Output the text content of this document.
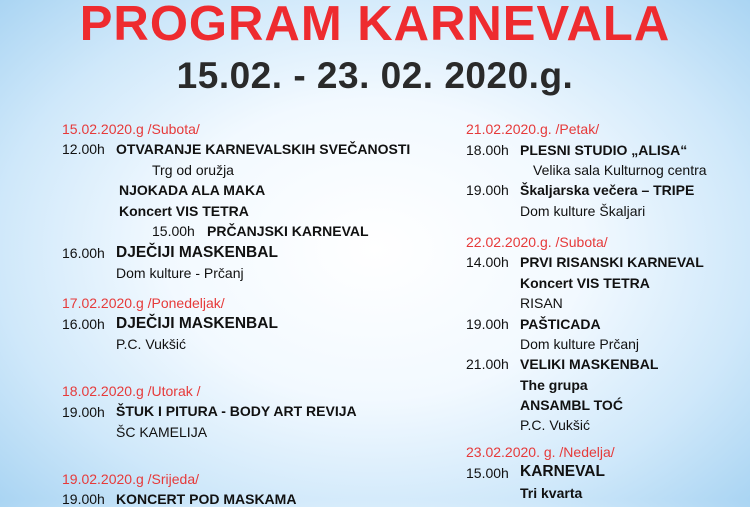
PROGRAM KARNEVALA
15.02. - 23. 02. 2020.g.
15.02.2020.g /Subota/
12.00h OTVARANJE KARNEVALSKIH SVEČANOSTI
Trg od oružja
NJOKADA ALA MAKA
Koncert VIS TETRA
15.00h PRČANJSKI KARNEVAL
16.00h DJEČIJI MASKENBAL
Dom kulture - Prčanj
17.02.2020.g /Ponedeljak/
16.00h DJEČIJI MASKENBAL
P.C. Vukšić
18.02.2020.g /Utorak /
19.00h ŠTUK I PITURA - BODY ART REVIJA
ŠC KAMELIJA
19.02.2020.g /Srijeda/
19.00h KONCERT POD MASKAMA
21.02.2020.g. /Petak/
18.00h PLESNI STUDIO „ALISA“
Velika sala Kulturnog centra
19.00h Škaljarska večera – TRIPE
Dom kulture Škaljari
22.02.2020.g. /Subota/
14.00h PRVI RISANSKI KARNEVAL
Koncert VIS TETRA
RISAN
19.00h PAŠTICADA
Dom kulture Prčanj
21.00h VELIKI MASKENBAL
The grupa
ANSAMBL TOĆ
P.C. Vukšić
23.02.2020. g. /Nedelja/
15.00h KARNEVAL
Tri kvarta
